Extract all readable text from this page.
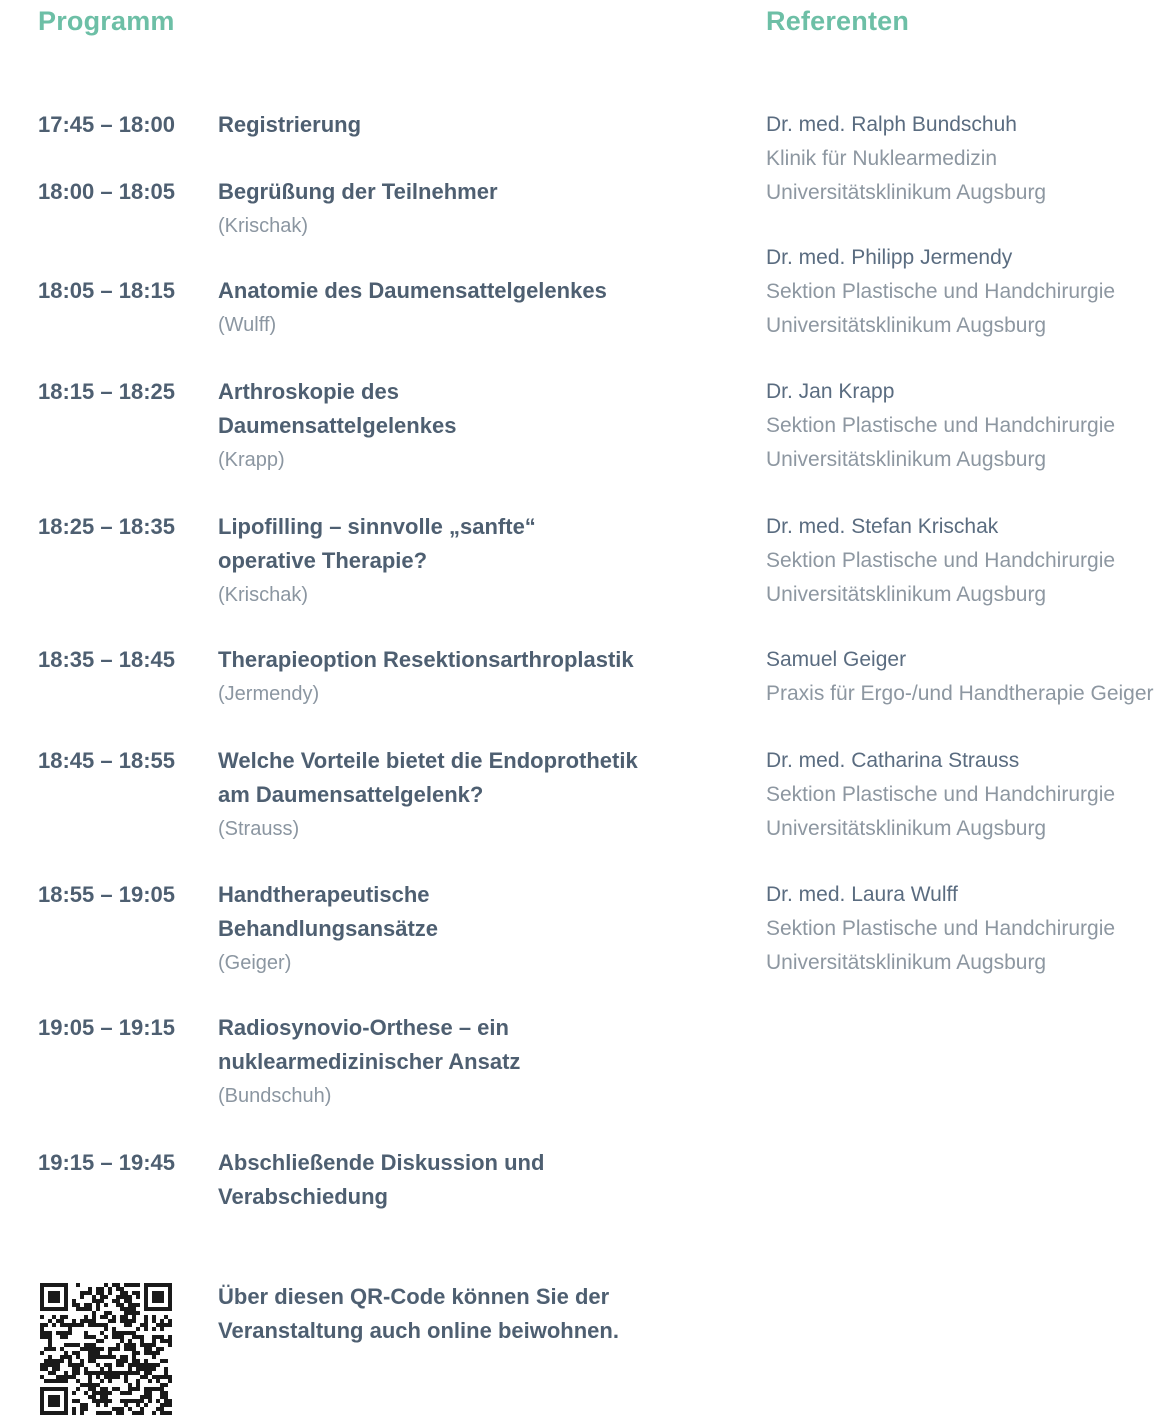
Programm	Referenten
17:45 – 18:00	Registrierung
18:00 – 18:05	Begrüßung der Teilnehmer
(Krischak)
18:05 – 18:15	Anatomie des Daumensattelgelenkes
(Wulff)
18:15 – 18:25	Arthroskopie des
Daumensattelgelenkes
(Krapp)
18:25 – 18:35	Lipofilling – sinnvolle „sanfte“
operative Therapie?
(Krischak)
18:35 – 18:45	Therapieoption Resektionsarthroplastik
(Jermendy)
18:45 – 18:55	Welche Vorteile bietet die Endoprothetik
am Daumensattelgelenk?
(Strauss)
18:55 – 19:05	Handtherapeutische
Behandlungsansätze
(Geiger)
19:05 – 19:15	Radiosynovio-Orthese – ein
nuklearmedizinischer Ansatz
(Bundschuh)
19:15 – 19:45	Abschließende Diskussion und
Verabschiedung
Dr. med. Ralph Bundschuh
Klinik für Nuklearmedizin
Universitätsklinikum Augsburg
Dr. med. Philipp Jermendy
Sektion Plastische und Handchirurgie
Universitätsklinikum Augsburg
Dr. Jan Krapp
Sektion Plastische und Handchirurgie
Universitätsklinikum Augsburg
Dr. med. Stefan Krischak
Sektion Plastische und Handchirurgie
Universitätsklinikum Augsburg
Samuel Geiger
Praxis für Ergo-/und Handtherapie Geiger
Dr. med. Catharina Strauss
Sektion Plastische und Handchirurgie
Universitätsklinikum Augsburg
Dr. med. Laura Wulff
Sektion Plastische und Handchirurgie
Universitätsklinikum Augsburg
Über diesen QR-Code können Sie der
Veranstaltung auch online beiwohnen.
